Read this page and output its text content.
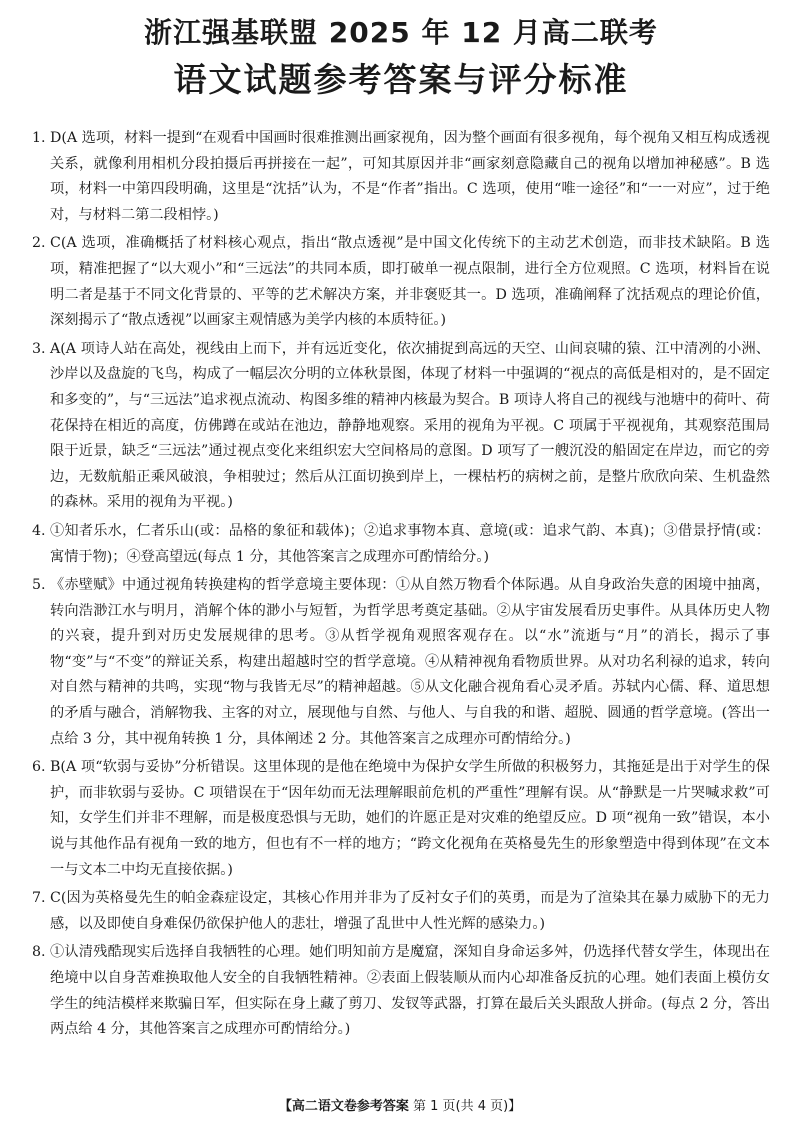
浙江强基联盟 2025 年 12 月高二联考
语文试题参考答案与评分标准
1. D(A 选项，材料一提到“在观看中国画时很难推测出画家视角，因为整个画面有很多视角，每个视角又相互构成透视关系，就像利用相机分段拍摄后再拼接在一起”，可知其原因并非“画家刻意隐藏自己的视角以增加神秘感”。B 选项，材料一中第四段明确，这里是“沈括”认为，不是“作者”指出。C 选项，使用“唯一途径”和“一一对应”，过于绝对，与材料二第二段相悖。)
2. C(A 选项，准确概括了材料核心观点，指出“散点透视”是中国文化传统下的主动艺术创造，而非技术缺陷。B 选项，精准把握了“以大观小”和“三远法”的共同本质，即打破单一视点限制，进行全方位观照。C 选项，材料旨在说明二者是基于不同文化背景的、平等的艺术解决方案，并非褒贬其一。D 选项，准确阐释了沈括观点的理论价值，深刻揭示了“散点透视”以画家主观情感为美学内核的本质特征。)
3. A(A 项诗人站在高处，视线由上而下，并有远近变化，依次捕捉到高远的天空、山间哀啸的猿、江中清冽的小洲、沙岸以及盘旋的飞鸟，构成了一幅层次分明的立体秋景图，体现了材料一中强调的“视点的高低是相对的，是不固定和多变的”，与“三远法”追求视点流动、构图多维的精神内核最为契合。B 项诗人将自己的视线与池塘中的荷叶、荷花保持在相近的高度，仿佛蹲在或站在池边，静静地观察。采用的视角为平视。C 项属于平视视角，其观察范围局限于近景，缺乏“三远法”通过视点变化来组织宏大空间格局的意图。D 项写了一艘沉没的船固定在岸边，而它的旁边，无数航船正乘风破浪，争相驶过；然后从江面切换到岸上，一棵枯朽的病树之前，是整片欣欣向荣、生机盎然的森林。采用的视角为平视。)
4. ①知者乐水，仁者乐山(或：品格的象征和载体)；②追求事物本真、意境(或：追求气韵、本真)；③借景抒情(或：寓情于物)；④登高望远(每点 1 分，其他答案言之成理亦可酌情给分。)
5. 《赤壁赋》中通过视角转换建构的哲学意境主要体现：①从自然万物看个体际遇。从自身政治失意的困境中抽离，转向浩渺江水与明月，消解个体的渺小与短暂，为哲学思考奠定基础。②从宇宙发展看历史事件。从具体历史人物的兴衰，提升到对历史发展规律的思考。③从哲学视角观照客观存在。以“水”流逝与“月”的消长，揭示了事物“变”与“不变”的辩证关系，构建出超越时空的哲学意境。④从精神视角看物质世界。从对功名利禄的追求，转向对自然与精神的共鸣，实现“物与我皆无尽”的精神超越。⑤从文化融合视角看心灵矛盾。苏轼内心儒、释、道思想的矛盾与融合，消解物我、主客的对立，展现他与自然、与他人、与自我的和谐、超脱、圆通的哲学意境。(答出一点给 3 分，其中视角转换 1 分，具体阐述 2 分。其他答案言之成理亦可酌情给分。)
6. B(A 项“软弱与妥协”分析错误。这里体现的是他在绝境中为保护女学生所做的积极努力，其拖延是出于对学生的保护，而非软弱与妥协。C 项错误在于“因年幼而无法理解眼前危机的严重性”理解有误。从“静默是一片哭喊求救”可知，女学生们并非不理解，而是极度恐惧与无助，她们的许愿正是对灾难的绝望反应。D 项“视角一致”错误，本小说与其他作品有视角一致的地方，但也有不一样的地方；“跨文化视角在英格曼先生的形象塑造中得到体现”在文本一与文本二中均无直接依据。)
7. C(因为英格曼先生的帕金森症设定，其核心作用并非为了反衬女子们的英勇，而是为了渲染其在暴力威胁下的无力感，以及即使自身难保仍欲保护他人的悲壮，增强了乱世中人性光辉的感染力。)
8. ①认清残酷现实后选择自我牺牲的心理。她们明知前方是魔窟，深知自身命运多舛，仍选择代替女学生，体现出在绝境中以自身苦难换取他人安全的自我牺牲精神。②表面上假装顺从而内心却准备反抗的心理。她们表面上模仿女学生的纯洁模样来欺骗日军，但实际在身上藏了剪刀、发钗等武器，打算在最后关头跟敌人拼命。(每点 2 分，答出两点给 4 分，其他答案言之成理亦可酌情给分。)
【高二语文卷参考答案 第 1 页(共 4 页)】
